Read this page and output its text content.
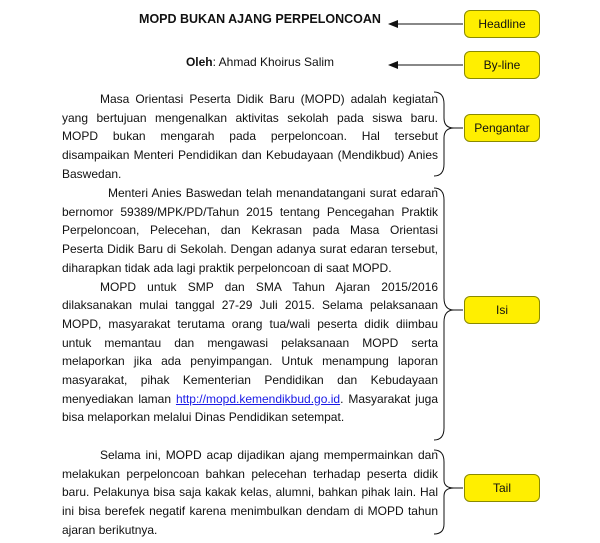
MOPD BUKAN AJANG PERPELONCOAN
Oleh: Ahmad Khoirus Salim

Masa Orientasi Peserta Didik Baru (MOPD) adalah kegiatan yang bertujuan mengenalkan aktivitas sekolah pada siswa baru. MOPD bukan mengarah pada perpeloncoan. Hal tersebut disampaikan Menteri Pendidikan dan Kebudayaan (Mendikbud) Anies Baswedan.

Menteri Anies Baswedan telah menandatangani surat edaran bernomor 59389/MPK/PD/Tahun 2015 tentang Pencegahan Praktik Perpeloncoan, Pelecehan, dan Kekrasan pada Masa Orientasi Peserta Didik Baru di Sekolah. Dengan adanya surat edaran tersebut, diharapkan tidak ada lagi praktik perpeloncoan di saat MOPD.

MOPD untuk SMP dan SMA Tahun Ajaran 2015/2016 dilaksanakan mulai tanggal 27-29 Juli 2015. Selama pelaksanaan MOPD, masyarakat terutama orang tua/wali peserta didik diimbau untuk memantau dan mengawasi pelaksanaan MOPD serta melaporkan jika ada penyimpangan. Untuk menampung laporan masyarakat, pihak Kementerian Pendidikan dan Kebudayaan menyediakan laman http://mopd.kemendikbud.go.id. Masyarakat juga bisa melaporkan melalui Dinas Pendidikan setempat.

Selama ini, MOPD acap dijadikan ajang mempermainkan dan melakukan perpeloncoan bahkan pelecehan terhadap peserta didik baru. Pelakunya bisa saja kakak kelas, alumni, bahkan pihak lain. Hal ini bisa berefek negatif karena menimbulkan dendam di MOPD tahun ajaran berikutnya.

Headline
By-line
Pengantar
Isi
Tail
